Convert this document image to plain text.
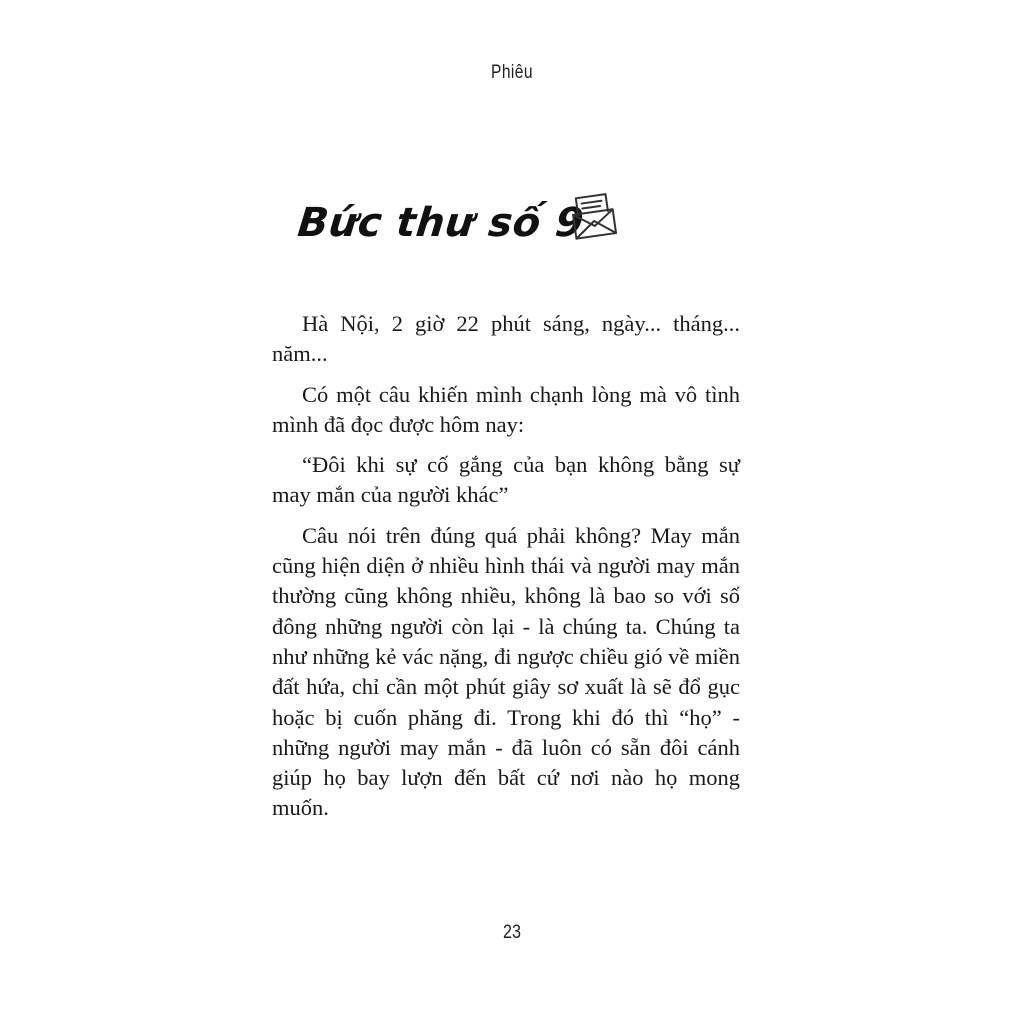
Phiêu
Bức thư số 9

Hà Nội, 2 giờ 22 phút sáng, ngày... tháng... năm...

Có một câu khiến mình chạnh lòng mà vô tình mình đã đọc được hôm nay:

“Đôi khi sự cố gắng của bạn không bằng sự may mắn của người khác”

Câu nói trên đúng quá phải không? May mắn cũng hiện diện ở nhiều hình thái và người may mắn thường cũng không nhiều, không là bao so với số đông những người còn lại - là chúng ta. Chúng ta như những kẻ vác nặng, đi ngược chiều gió về miền đất hứa, chỉ cần một phút giây sơ xuất là sẽ đổ gục hoặc bị cuốn phăng đi. Trong khi đó thì “họ” - những người may mắn - đã luôn có sẵn đôi cánh giúp họ bay lượn đến bất cứ nơi nào họ mong muốn.

23
